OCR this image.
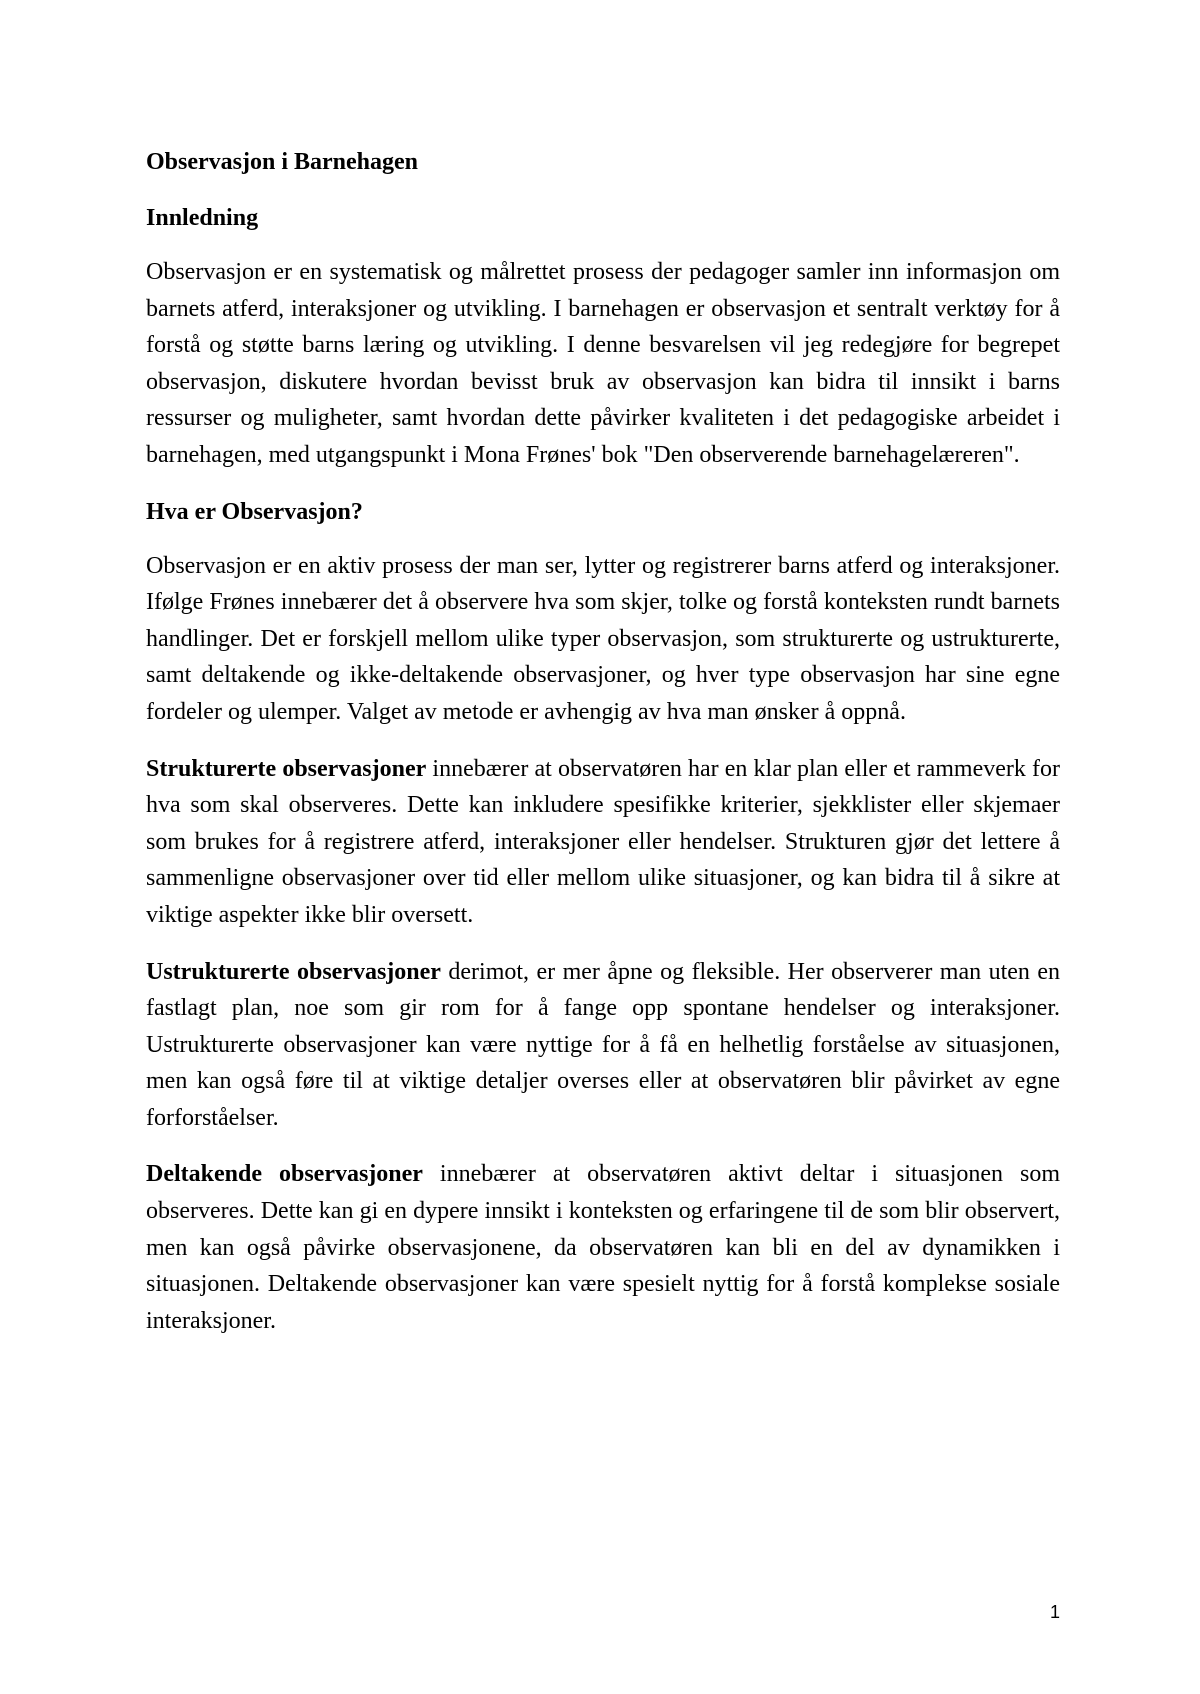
Observasjon i Barnehagen
Innledning

Observasjon er en systematisk og målrettet prosess der pedagoger samler inn informasjon om barnets atferd, interaksjoner og utvikling. I barnehagen er observasjon et sentralt verktøy for å forstå og støtte barns læring og utvikling. I denne besvarelsen vil jeg redegjøre for begrepet observasjon, diskutere hvordan bevisst bruk av observasjon kan bidra til innsikt i barns ressurser og muligheter, samt hvordan dette påvirker kvaliteten i det pedagogiske arbeidet i barnehagen, med utgangspunkt i Mona Frønes' bok "Den observerende barnehagelæreren".

Hva er Observasjon?

Observasjon er en aktiv prosess der man ser, lytter og registrerer barns atferd og interaksjoner. Ifølge Frønes innebærer det å observere hva som skjer, tolke og forstå konteksten rundt barnets handlinger. Det er forskjell mellom ulike typer observasjon, som strukturerte og ustrukturerte, samt deltakende og ikke-deltakende observasjoner, og hver type observasjon har sine egne fordeler og ulemper. Valget av metode er avhengig av hva man ønsker å oppnå.

Strukturerte observasjoner innebærer at observatøren har en klar plan eller et rammeverk for hva som skal observeres. Dette kan inkludere spesifikke kriterier, sjekklister eller skjemaer som brukes for å registrere atferd, interaksjoner eller hendelser. Strukturen gjør det lettere å sammenligne observasjoner over tid eller mellom ulike situasjoner, og kan bidra til å sikre at viktige aspekter ikke blir oversett.

Ustrukturerte observasjoner derimot, er mer åpne og fleksible. Her observerer man uten en fastlagt plan, noe som gir rom for å fange opp spontane hendelser og interaksjoner. Ustrukturerte observasjoner kan være nyttige for å få en helhetlig forståelse av situasjonen, men kan også føre til at viktige detaljer overses eller at observatøren blir påvirket av egne forforståelser.

Deltakende observasjoner innebærer at observatøren aktivt deltar i situasjonen som observeres. Dette kan gi en dypere innsikt i konteksten og erfaringene til de som blir observert, men kan også påvirke observasjonene, da observatøren kan bli en del av dynamikken i situasjonen. Deltakende observasjoner kan være spesielt nyttig for å forstå komplekse sosiale interaksjoner.

1
